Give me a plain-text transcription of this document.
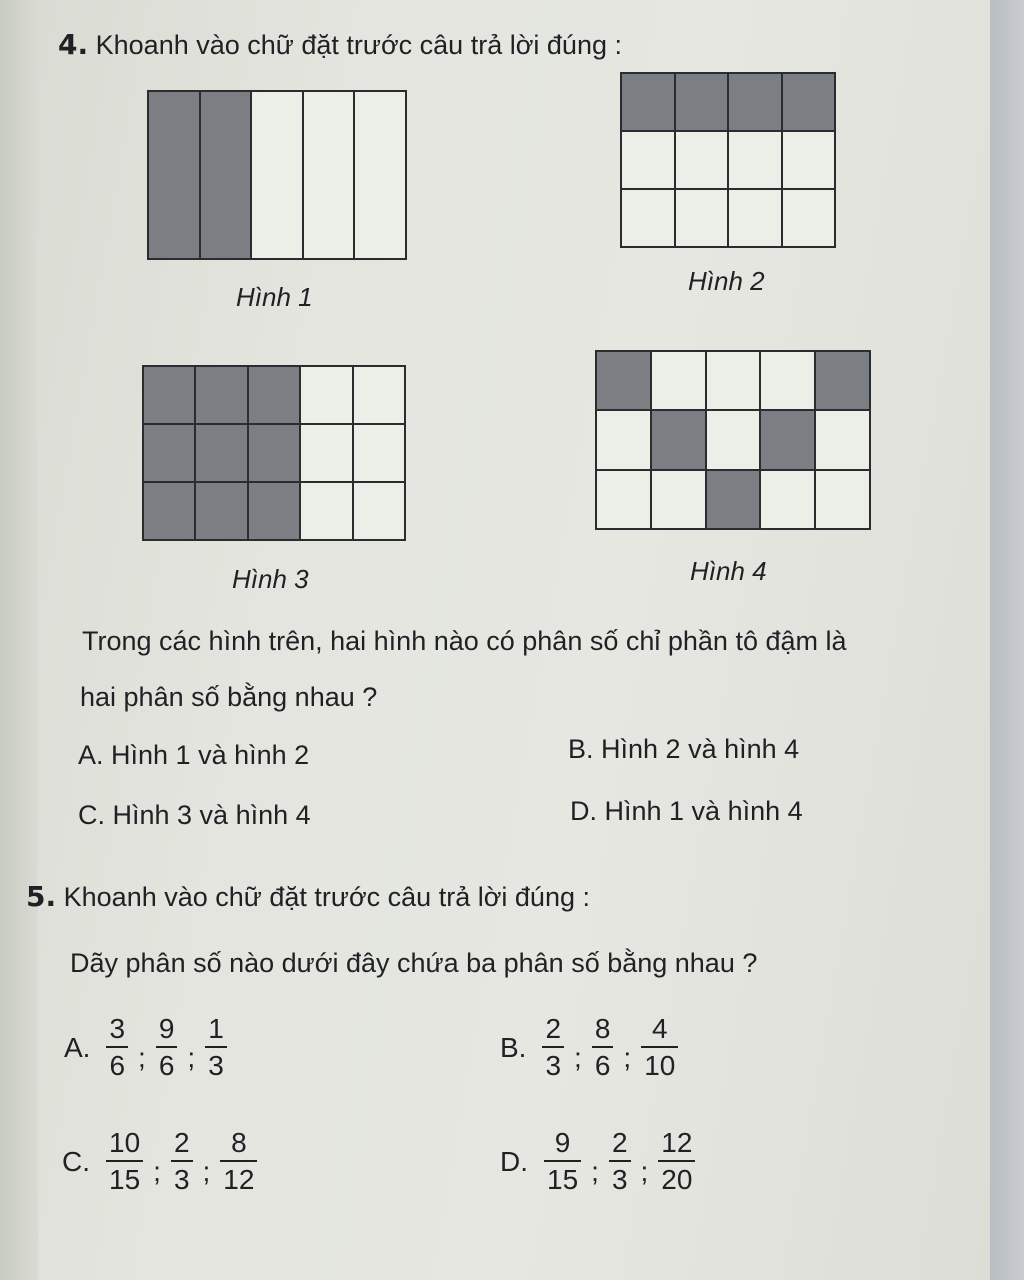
4. Khoanh vào chữ đặt trước câu trả lời đúng :
Hình 1
Hình 2
Hình 3	Hình 4
Trong các hình trên, hai hình nào có phân số chỉ phần tô đậm là
hai phân số bằng nhau ?
A. Hình 1 và hình 2	B. Hình 2 và hình 4
C. Hình 3 và hình 4	D. Hình 1 và hình 4
5. Khoanh vào chữ đặt trước câu trả lời đúng :
Dãy phân số nào dưới đây chứa ba phân số bằng nhau ?
A. $\frac{3}{6}$ ; $\frac{9}{6}$ ; $\frac{1}{3}$	B. $\frac{2}{3}$ ; $\frac{8}{6}$ ; $\frac{4}{10}$
C. $\frac{10}{15}$ ; $\frac{2}{3}$ ; $\frac{8}{12}$	D. $\frac{9}{15}$ ; $\frac{2}{3}$ ; $\frac{12}{20}$
